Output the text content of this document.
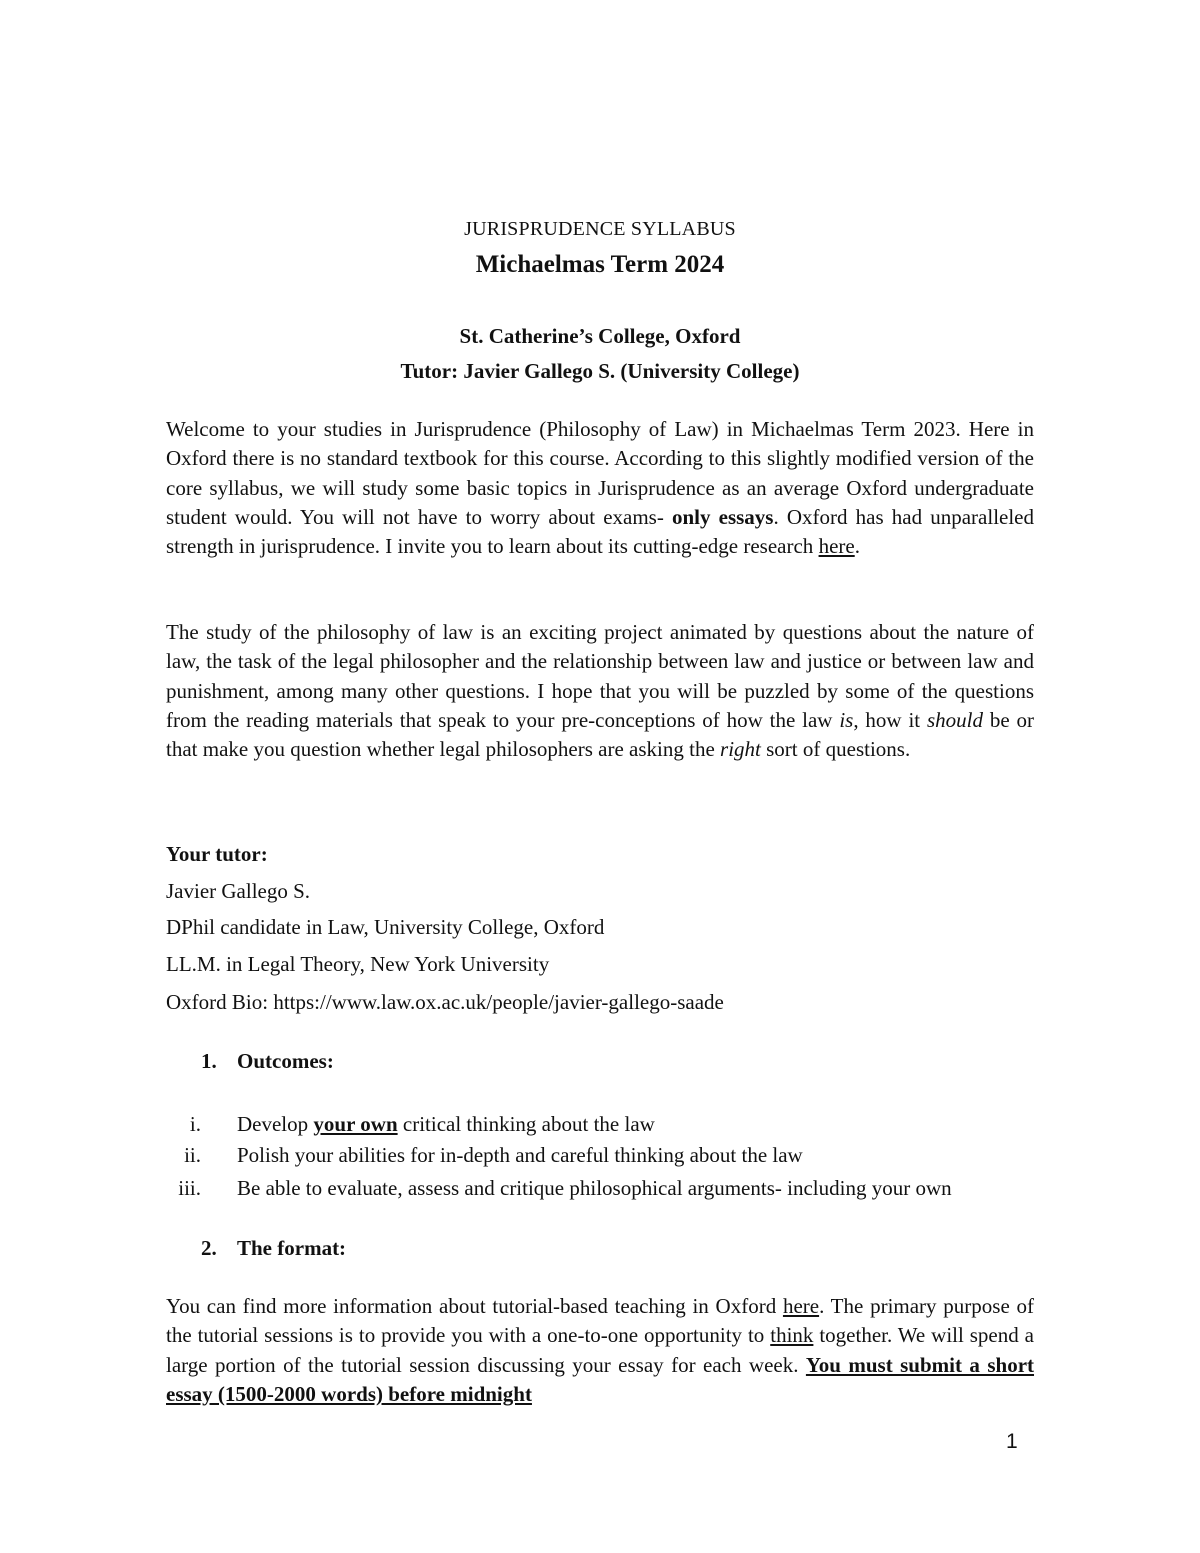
JURISPRUDENCE SYLLABUS
Michaelmas Term 2024
St. Catherine’s College, Oxford
Tutor: Javier Gallego S. (University College)
Welcome to your studies in Jurisprudence (Philosophy of Law) in Michaelmas Term 2023. Here in Oxford there is no standard textbook for this course. According to this slightly modified version of the core syllabus, we will study some basic topics in Jurisprudence as an average Oxford undergraduate student would. You will not have to worry about exams- only essays. Oxford has had unparalleled strength in jurisprudence. I invite you to learn about its cutting-edge research here.
The study of the philosophy of law is an exciting project animated by questions about the nature of law, the task of the legal philosopher and the relationship between law and justice or between law and punishment, among many other questions. I hope that you will be puzzled by some of the questions from the reading materials that speak to your pre-conceptions of how the law is, how it should be or that make you question whether legal philosophers are asking the right sort of questions.
Your tutor:
Javier Gallego S.
DPhil candidate in Law, University College, Oxford
LL.M. in Legal Theory, New York University
Oxford Bio: https://www.law.ox.ac.uk/people/javier-gallego-saade
1. Outcomes:
i. Develop your own critical thinking about the law
ii. Polish your abilities for in-depth and careful thinking about the law
iii. Be able to evaluate, assess and critique philosophical arguments- including your own
2. The format:
You can find more information about tutorial-based teaching in Oxford here. The primary purpose of the tutorial sessions is to provide you with a one-to-one opportunity to think together. We will spend a large portion of the tutorial session discussing your essay for each week. You must submit a short essay (1500-2000 words) before midnight
1
